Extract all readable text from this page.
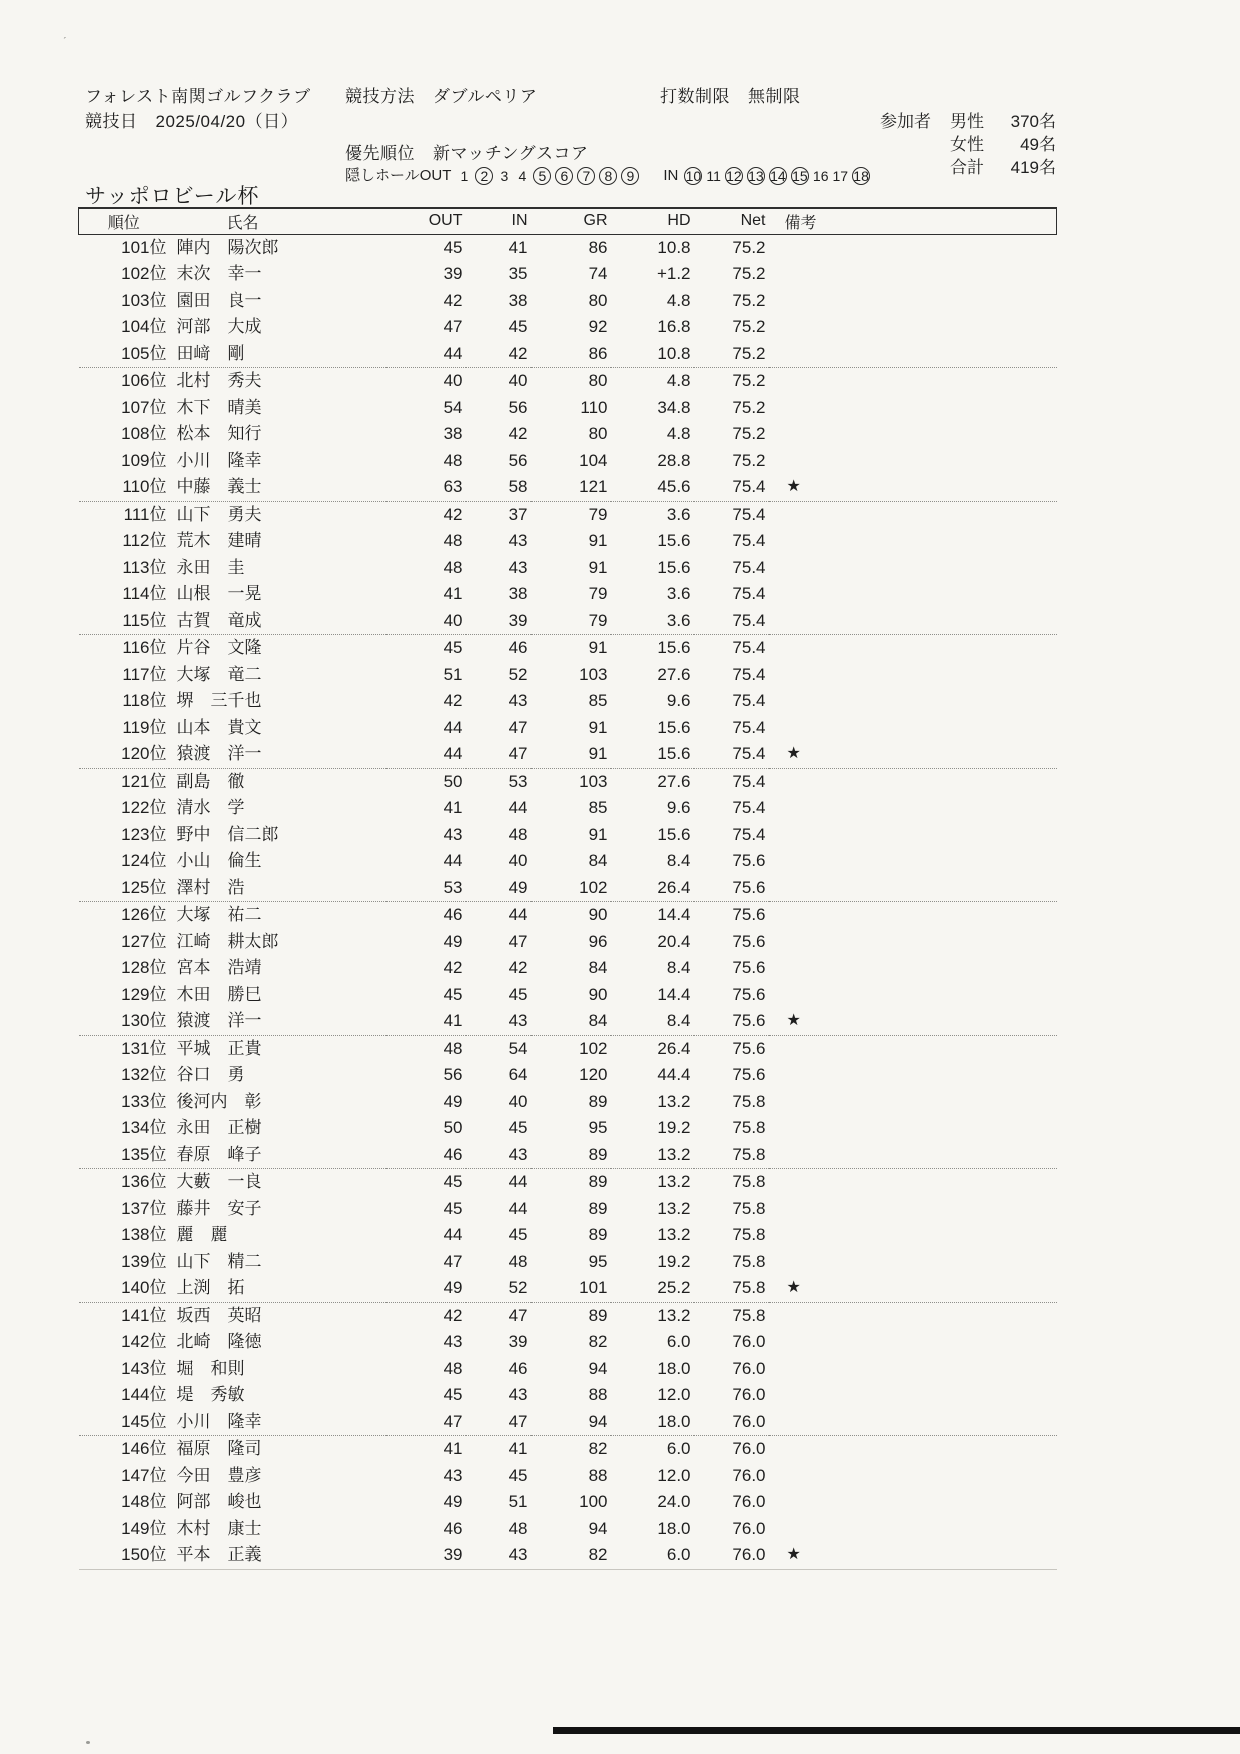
ˊ
フォレスト南関ゴルフクラブ
競技日 2025/04/20（日）
競技方法 ダブルペリア	打数制限 無制限
優先順位 新マッチングスコア
隠しホールOUT 1 2 3 4 5 6 7 8 9 IN 10 11 12 13 14 15 16 17 18
参加者	男性	370名
女性	49名
合計	419名
サッポロビール杯
順位	氏名	OUT	IN	GR	HD	Net	備考
101位	陣内　陽次郎	45	41	86	10.8	75.2	
102位	末次　幸一	39	35	74	+1.2	75.2	
103位	園田　良一	42	38	80	4.8	75.2	
104位	河部　大成	47	45	92	16.8	75.2	
105位	田﨑　剛	44	42	86	10.8	75.2	
106位	北村　秀夫	40	40	80	4.8	75.2	
107位	木下　晴美	54	56	110	34.8	75.2	
108位	松本　知行	38	42	80	4.8	75.2	
109位	小川　隆幸	48	56	104	28.8	75.2	
110位	中藤　義士	63	58	121	45.6	75.4	★
111位	山下　勇夫	42	37	79	3.6	75.4	
112位	荒木　建晴	48	43	91	15.6	75.4	
113位	永田　圭	48	43	91	15.6	75.4	
114位	山根　一晃	41	38	79	3.6	75.4	
115位	古賀　竜成	40	39	79	3.6	75.4	
116位	片谷　文隆	45	46	91	15.6	75.4	
117位	大塚　竜二	51	52	103	27.6	75.4	
118位	堺　三千也	42	43	85	9.6	75.4	
119位	山本　貴文	44	47	91	15.6	75.4	
120位	猿渡　洋一	44	47	91	15.6	75.4	★
121位	副島　徹	50	53	103	27.6	75.4	
122位	清水　学	41	44	85	9.6	75.4	
123位	野中　信二郎	43	48	91	15.6	75.4	
124位	小山　倫生	44	40	84	8.4	75.6	
125位	澤村　浩	53	49	102	26.4	75.6	
126位	大塚　祐二	46	44	90	14.4	75.6	
127位	江崎　耕太郎	49	47	96	20.4	75.6	
128位	宮本　浩靖	42	42	84	8.4	75.6	
129位	木田　勝巳	45	45	90	14.4	75.6	
130位	猿渡　洋一	41	43	84	8.4	75.6	★
131位	平城　正貴	48	54	102	26.4	75.6	
132位	谷口　勇	56	64	120	44.4	75.6	
133位	後河内　彰	49	40	89	13.2	75.8	
134位	永田　正樹	50	45	95	19.2	75.8	
135位	春原　峰子	46	43	89	13.2	75.8	
136位	大藪　一良	45	44	89	13.2	75.8	
137位	藤井　安子	45	44	89	13.2	75.8	
138位	麗　麗	44	45	89	13.2	75.8	
139位	山下　精二	47	48	95	19.2	75.8	
140位	上渕　拓	49	52	101	25.2	75.8	★
141位	坂西　英昭	42	47	89	13.2	75.8	
142位	北崎　隆徳	43	39	82	6.0	76.0	
143位	堀　和則	48	46	94	18.0	76.0	
144位	堤　秀敏	45	43	88	12.0	76.0	
145位	小川　隆幸	47	47	94	18.0	76.0	
146位	福原　隆司	41	41	82	6.0	76.0	
147位	今田　豊彦	43	45	88	12.0	76.0	
148位	阿部　峻也	49	51	100	24.0	76.0	
149位	木村　康士	46	48	94	18.0	76.0	
150位	平本　正義	39	43	82	6.0	76.0	★
